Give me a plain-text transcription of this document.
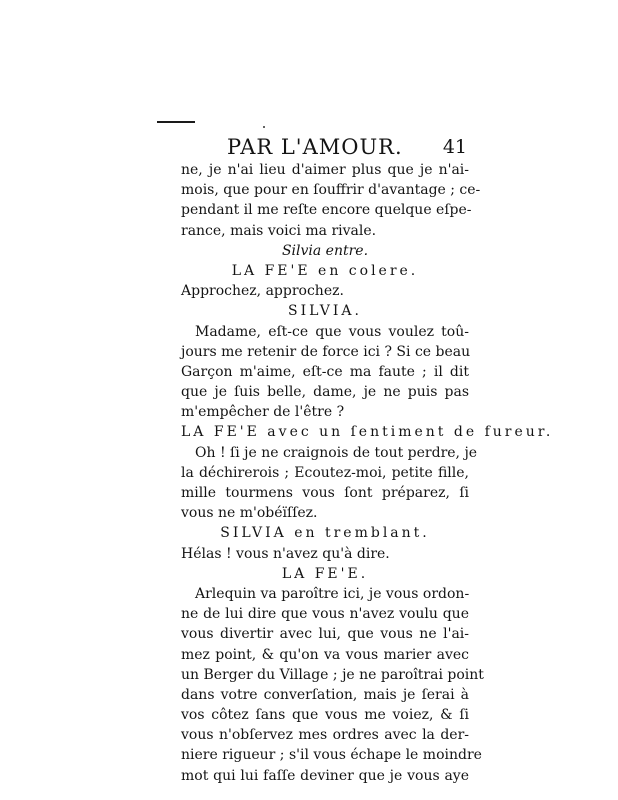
PAR L'AMOUR. 41
ne, je n'ai lieu d'aimer plus que je n'ai-
mois, que pour en ſouffrir d'avantage ; ce-
pendant il me reſte encore quelque eſpe-
rance, mais voici ma rivale.
Silvia entre.
LA FE'E en colere.
Approchez, approchez.
SILVIA.
Madame, eſt-ce que vous voulez toû-
jours me retenir de force ici ? Si ce beau
Garçon m'aime, eſt-ce ma faute ; il dit
que je ſuis belle, dame, je ne puis pas
m'empêcher de l'être ?
LA FE'E avec un ſentiment de fureur.
Oh ! ſi je ne craignois de tout perdre, je
la déchirerois ; Ecoutez-moi, petite fille,
mille tourmens vous ſont préparez, ſi
vous ne m'obéïſſez.
SILVIA en tremblant.
Hélas ! vous n'avez qu'à dire.
LA FE'E.
Arlequin va paroître ici, je vous ordon-
ne de lui dire que vous n'avez voulu que
vous divertir avec lui, que vous ne l'ai-
mez point, & qu'on va vous marier avec
un Berger du Village ; je ne paroîtrai point
dans votre converſation, mais je ſerai à
vos côtez ſans que vous me voiez, & ſi
vous n'obſervez mes ordres avec la der-
niere rigueur ; s'il vous échape le moindre
mot qui lui faſſe deviner que je vous aye
